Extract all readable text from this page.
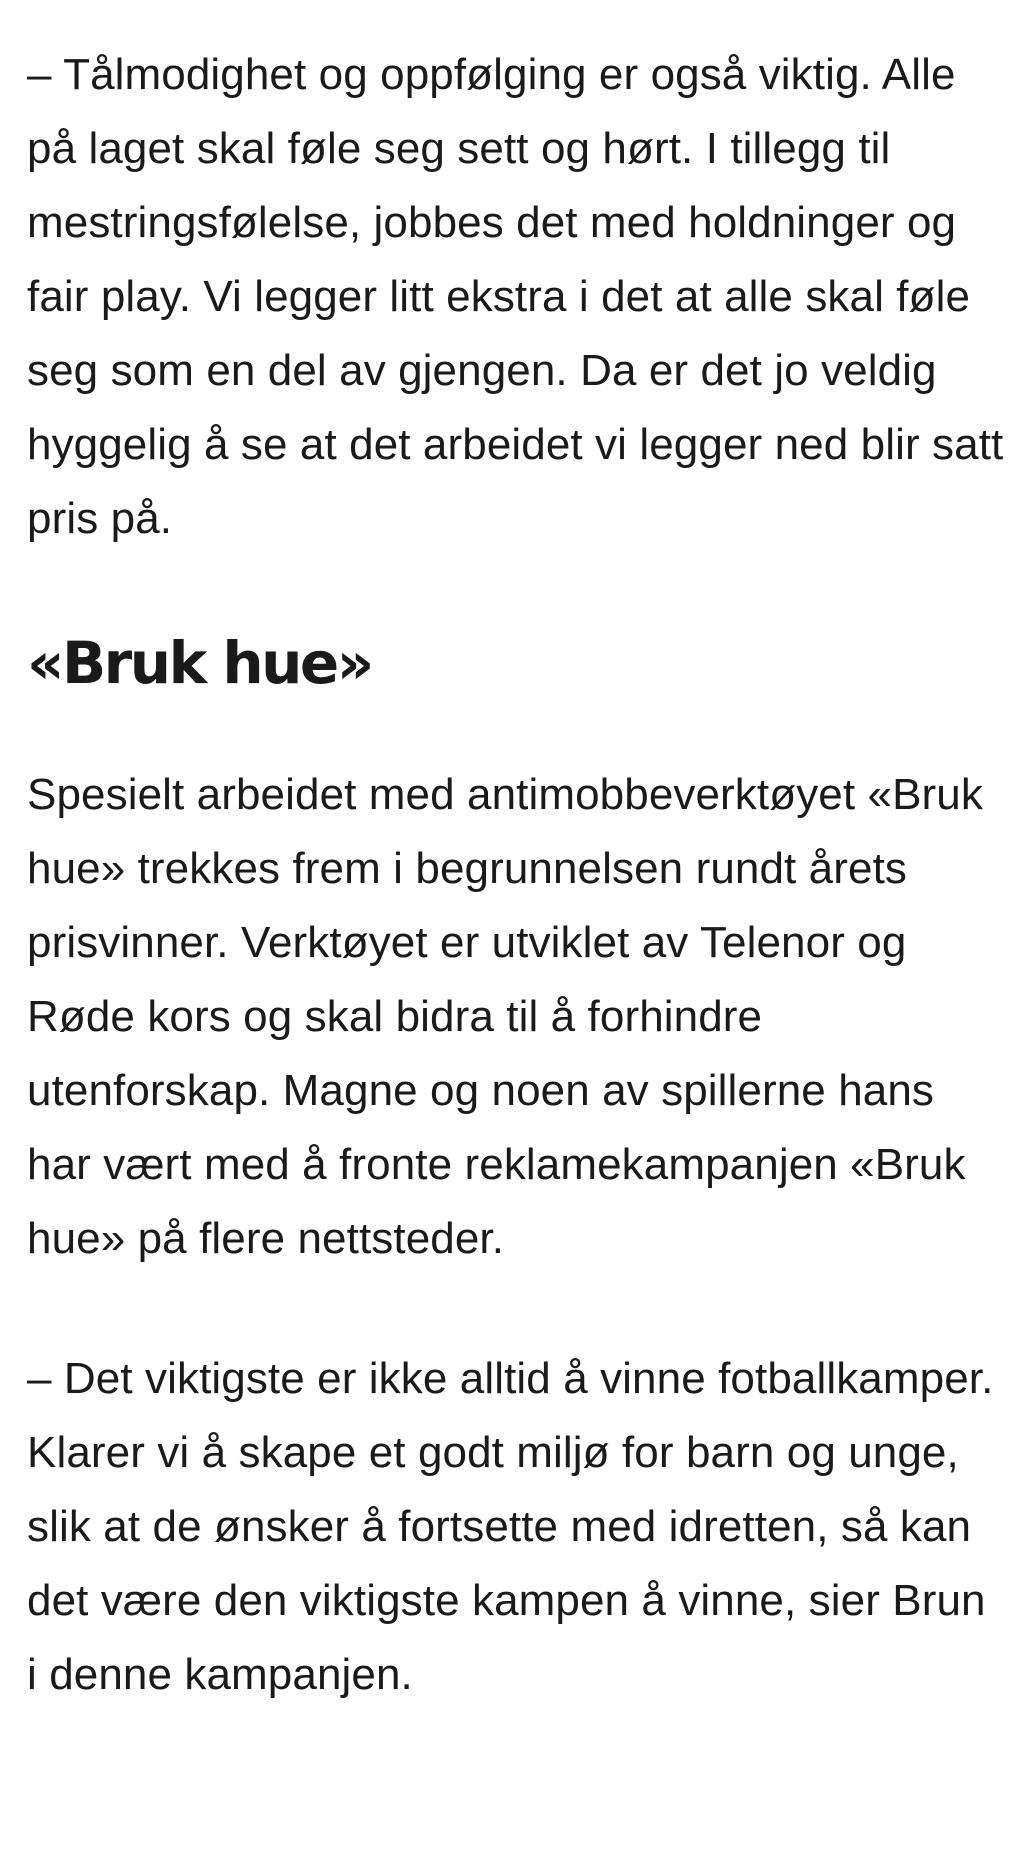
– Tålmodighet og oppfølging er også viktig. Alle på laget skal føle seg sett og hørt. I tillegg til mestringsfølelse, jobbes det med holdninger og fair play. Vi legger litt ekstra i det at alle skal føle seg som en del av gjengen. Da er det jo veldig hyggelig å se at det arbeidet vi legger ned blir satt pris på.

«Bruk hue»

Spesielt arbeidet med antimobbeverktøyet «Bruk hue» trekkes frem i begrunnelsen rundt årets prisvinner. Verktøyet er utviklet av Telenor og Røde kors og skal bidra til å forhindre utenforskap. Magne og noen av spillerne hans har vært med å fronte reklamekampanjen «Bruk hue» på flere nettsteder.

– Det viktigste er ikke alltid å vinne fotballkamper. Klarer vi å skape et godt miljø for barn og unge, slik at de ønsker å fortsette med idretten, så kan det være den viktigste kampen å vinne, sier Brun i denne kampanjen.
